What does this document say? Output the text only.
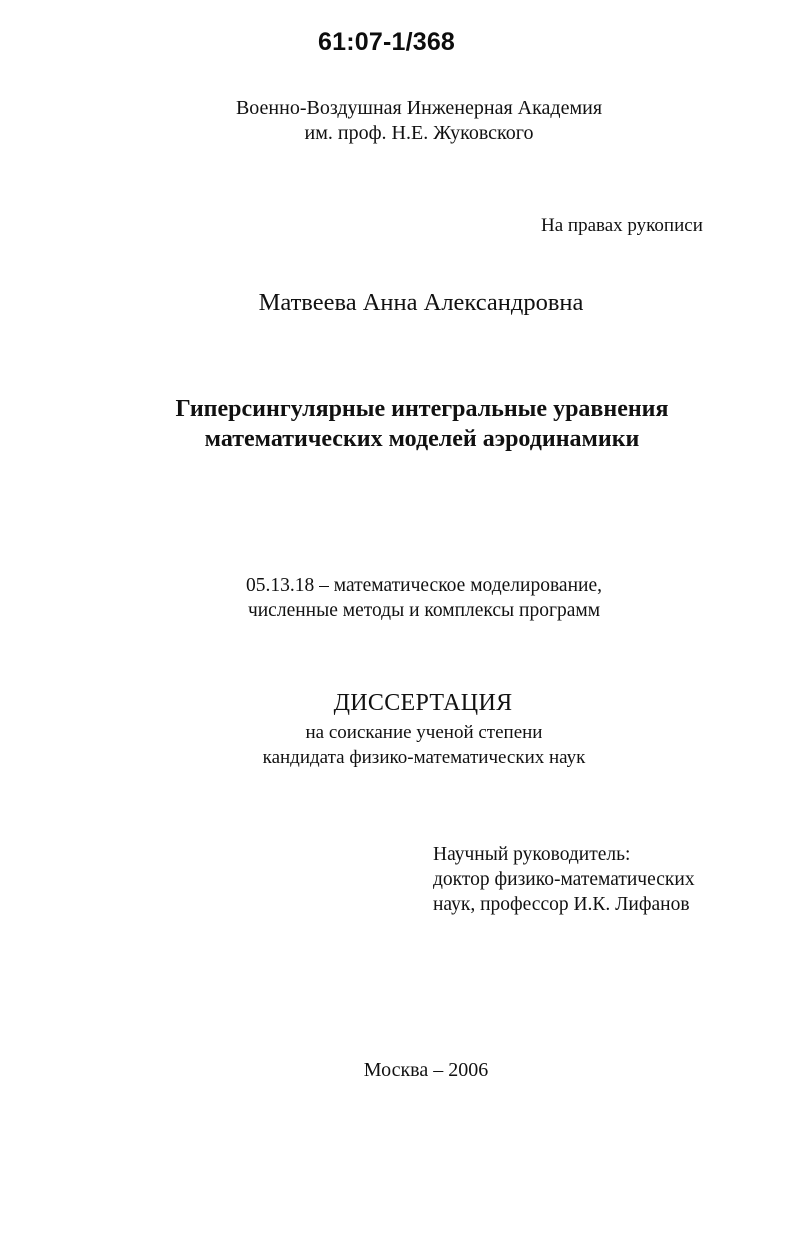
61:07-1/368
Военно-Воздушная Инженерная Академия
им. проф. Н.Е. Жуковского
На правах рукописи
Матвеева Анна Александровна
Гиперсингулярные интегральные уравнения
математических моделей аэродинамики
05.13.18 – математическое моделирование,
численные методы и комплексы программ
ДИССЕРТАЦИЯ
на соискание ученой степени
кандидата физико-математических наук
Научный руководитель:
доктор физико-математических
наук, профессор И.К. Лифанов
Москва – 2006
